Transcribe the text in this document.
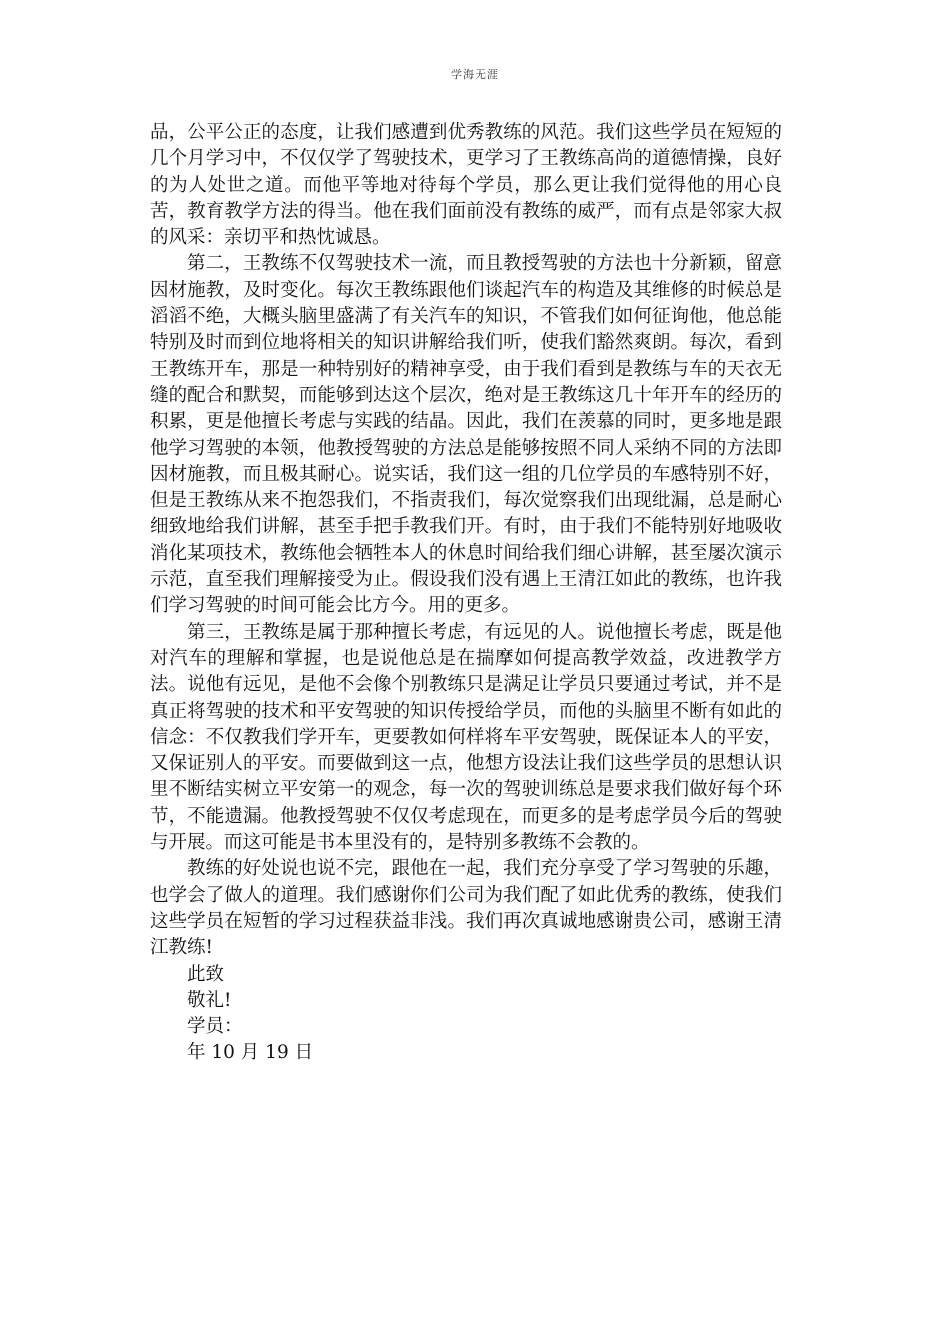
学海无涯

品，公平公正的态度，让我们感遭到优秀教练的风范。我们这些学员在短短的几个月学习中，不仅仅学了驾驶技术，更学习了王教练高尚的道德情操，良好的为人处世之道。而他平等地对待每个学员，那么更让我们觉得他的用心良苦，教育教学方法的得当。他在我们面前没有教练的威严，而有点是邻家大叔的风采：亲切平和热忱诚恳。

第二，王教练不仅驾驶技术一流，而且教授驾驶的方法也十分新颖，留意因材施教，及时变化。每次王教练跟他们谈起汽车的构造及其维修的时候总是滔滔不绝，大概头脑里盛满了有关汽车的知识，不管我们如何征询他，他总能特别及时而到位地将相关的知识讲解给我们听，使我们豁然爽朗。每次，看到王教练开车，那是一种特别好的精神享受，由于我们看到是教练与车的天衣无缝的配合和默契，而能够到达这个层次，绝对是王教练这几十年开车的经历的积累，更是他擅长考虑与实践的结晶。因此，我们在羡慕的同时，更多地是跟他学习驾驶的本领，他教授驾驶的方法总是能够按照不同人采纳不同的方法即因材施教，而且极其耐心。说实话，我们这一组的几位学员的车感特别不好，但是王教练从来不抱怨我们，不指责我们，每次觉察我们出现纰漏，总是耐心细致地给我们讲解，甚至手把手教我们开。有时，由于我们不能特别好地吸收消化某项技术，教练他会牺牲本人的休息时间给我们细心讲解，甚至屡次演示示范，直至我们理解接受为止。假设我们没有遇上王清江如此的教练，也许我们学习驾驶的时间可能会比方今。用的更多。

第三，王教练是属于那种擅长考虑，有远见的人。说他擅长考虑，既是他对汽车的理解和掌握，也是说他总是在揣摩如何提高教学效益，改进教学方法。说他有远见，是他不会像个别教练只是满足让学员只要通过考试，并不是真正将驾驶的技术和平安驾驶的知识传授给学员，而他的头脑里不断有如此的信念：不仅教我们学开车，更要教如何样将车平安驾驶，既保证本人的平安，又保证别人的平安。而要做到这一点，他想方设法让我们这些学员的思想认识里不断结实树立平安第一的观念，每一次的驾驶训练总是要求我们做好每个环节，不能遗漏。他教授驾驶不仅仅考虑现在，而更多的是考虑学员今后的驾驶与开展。而这可能是书本里没有的，是特别多教练不会教的。

教练的好处说也说不完，跟他在一起，我们充分享受了学习驾驶的乐趣，也学会了做人的道理。我们感谢你们公司为我们配了如此优秀的教练，使我们这些学员在短暂的学习过程获益非浅。我们再次真诚地感谢贵公司，感谢王清江教练!

此致

敬礼!

学员：

年 10 月 19 日
